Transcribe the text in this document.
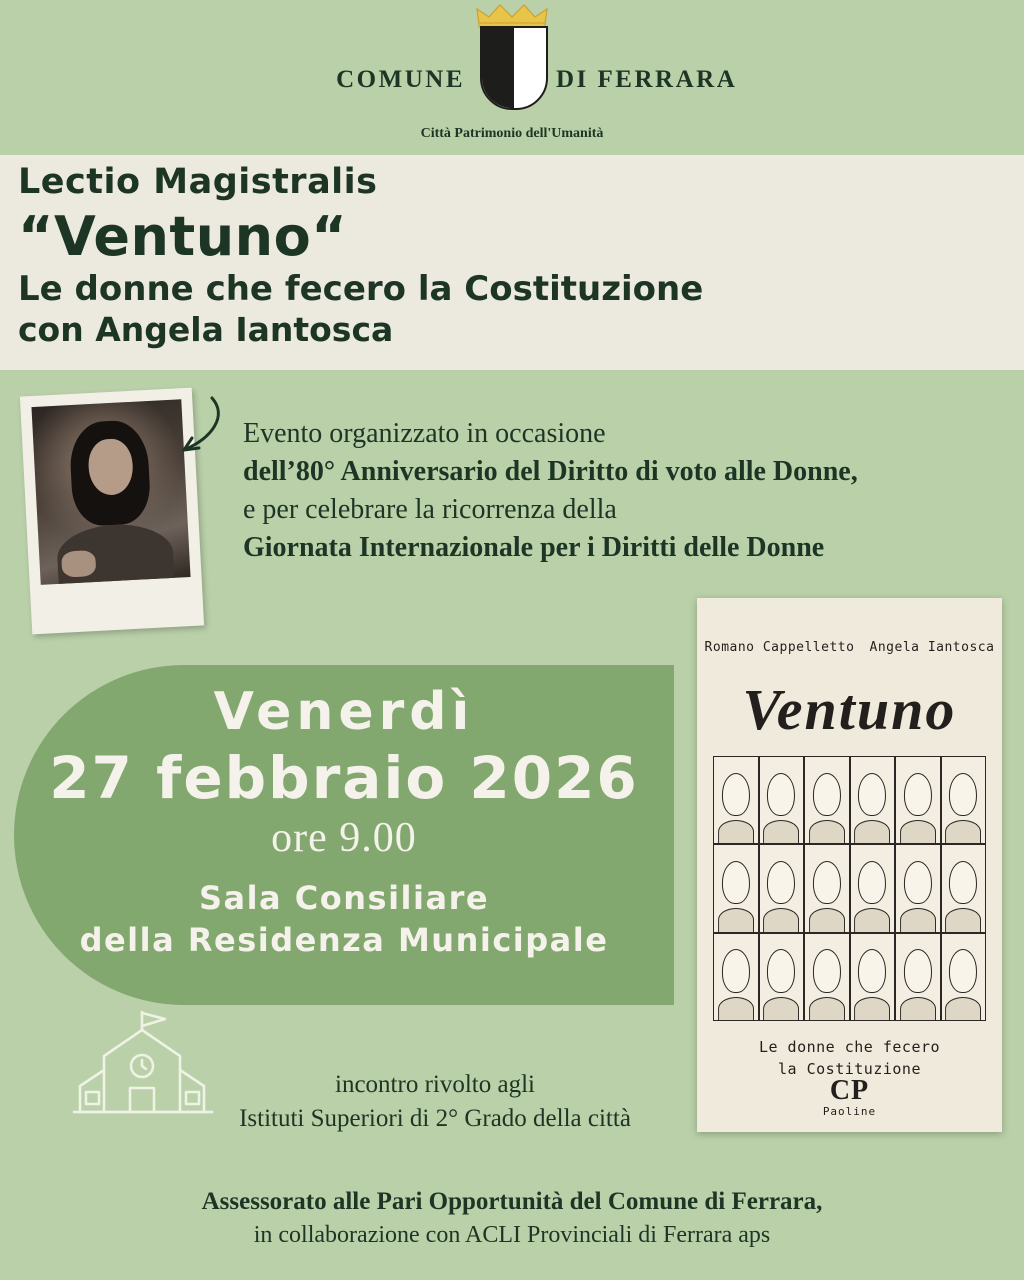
COMUNE	DI FERRARA
Città Patrimonio dell'Umanità
Lectio Magistralis
“Ventuno“
Le donne che fecero la Costituzione
con Angela Iantosca
Evento organizzato in occasione
dell’80° Anniversario del Diritto di voto alle Donne,
e per celebrare la ricorrenza della
Giornata Internazionale per i Diritti delle Donne
Venerdì
27 febbraio 2026
ore 9.00
Sala Consiliare
della Residenza Municipale
Romano Cappelletto Angela Iantosca
Ventuno
Le donne che fecero
la Costituzione
CP
Paoline
incontro rivolto agli
Istituti Superiori di 2° Grado della città
Assessorato alle Pari Opportunità del Comune di Ferrara,
in collaborazione con ACLI Provinciali di Ferrara aps
